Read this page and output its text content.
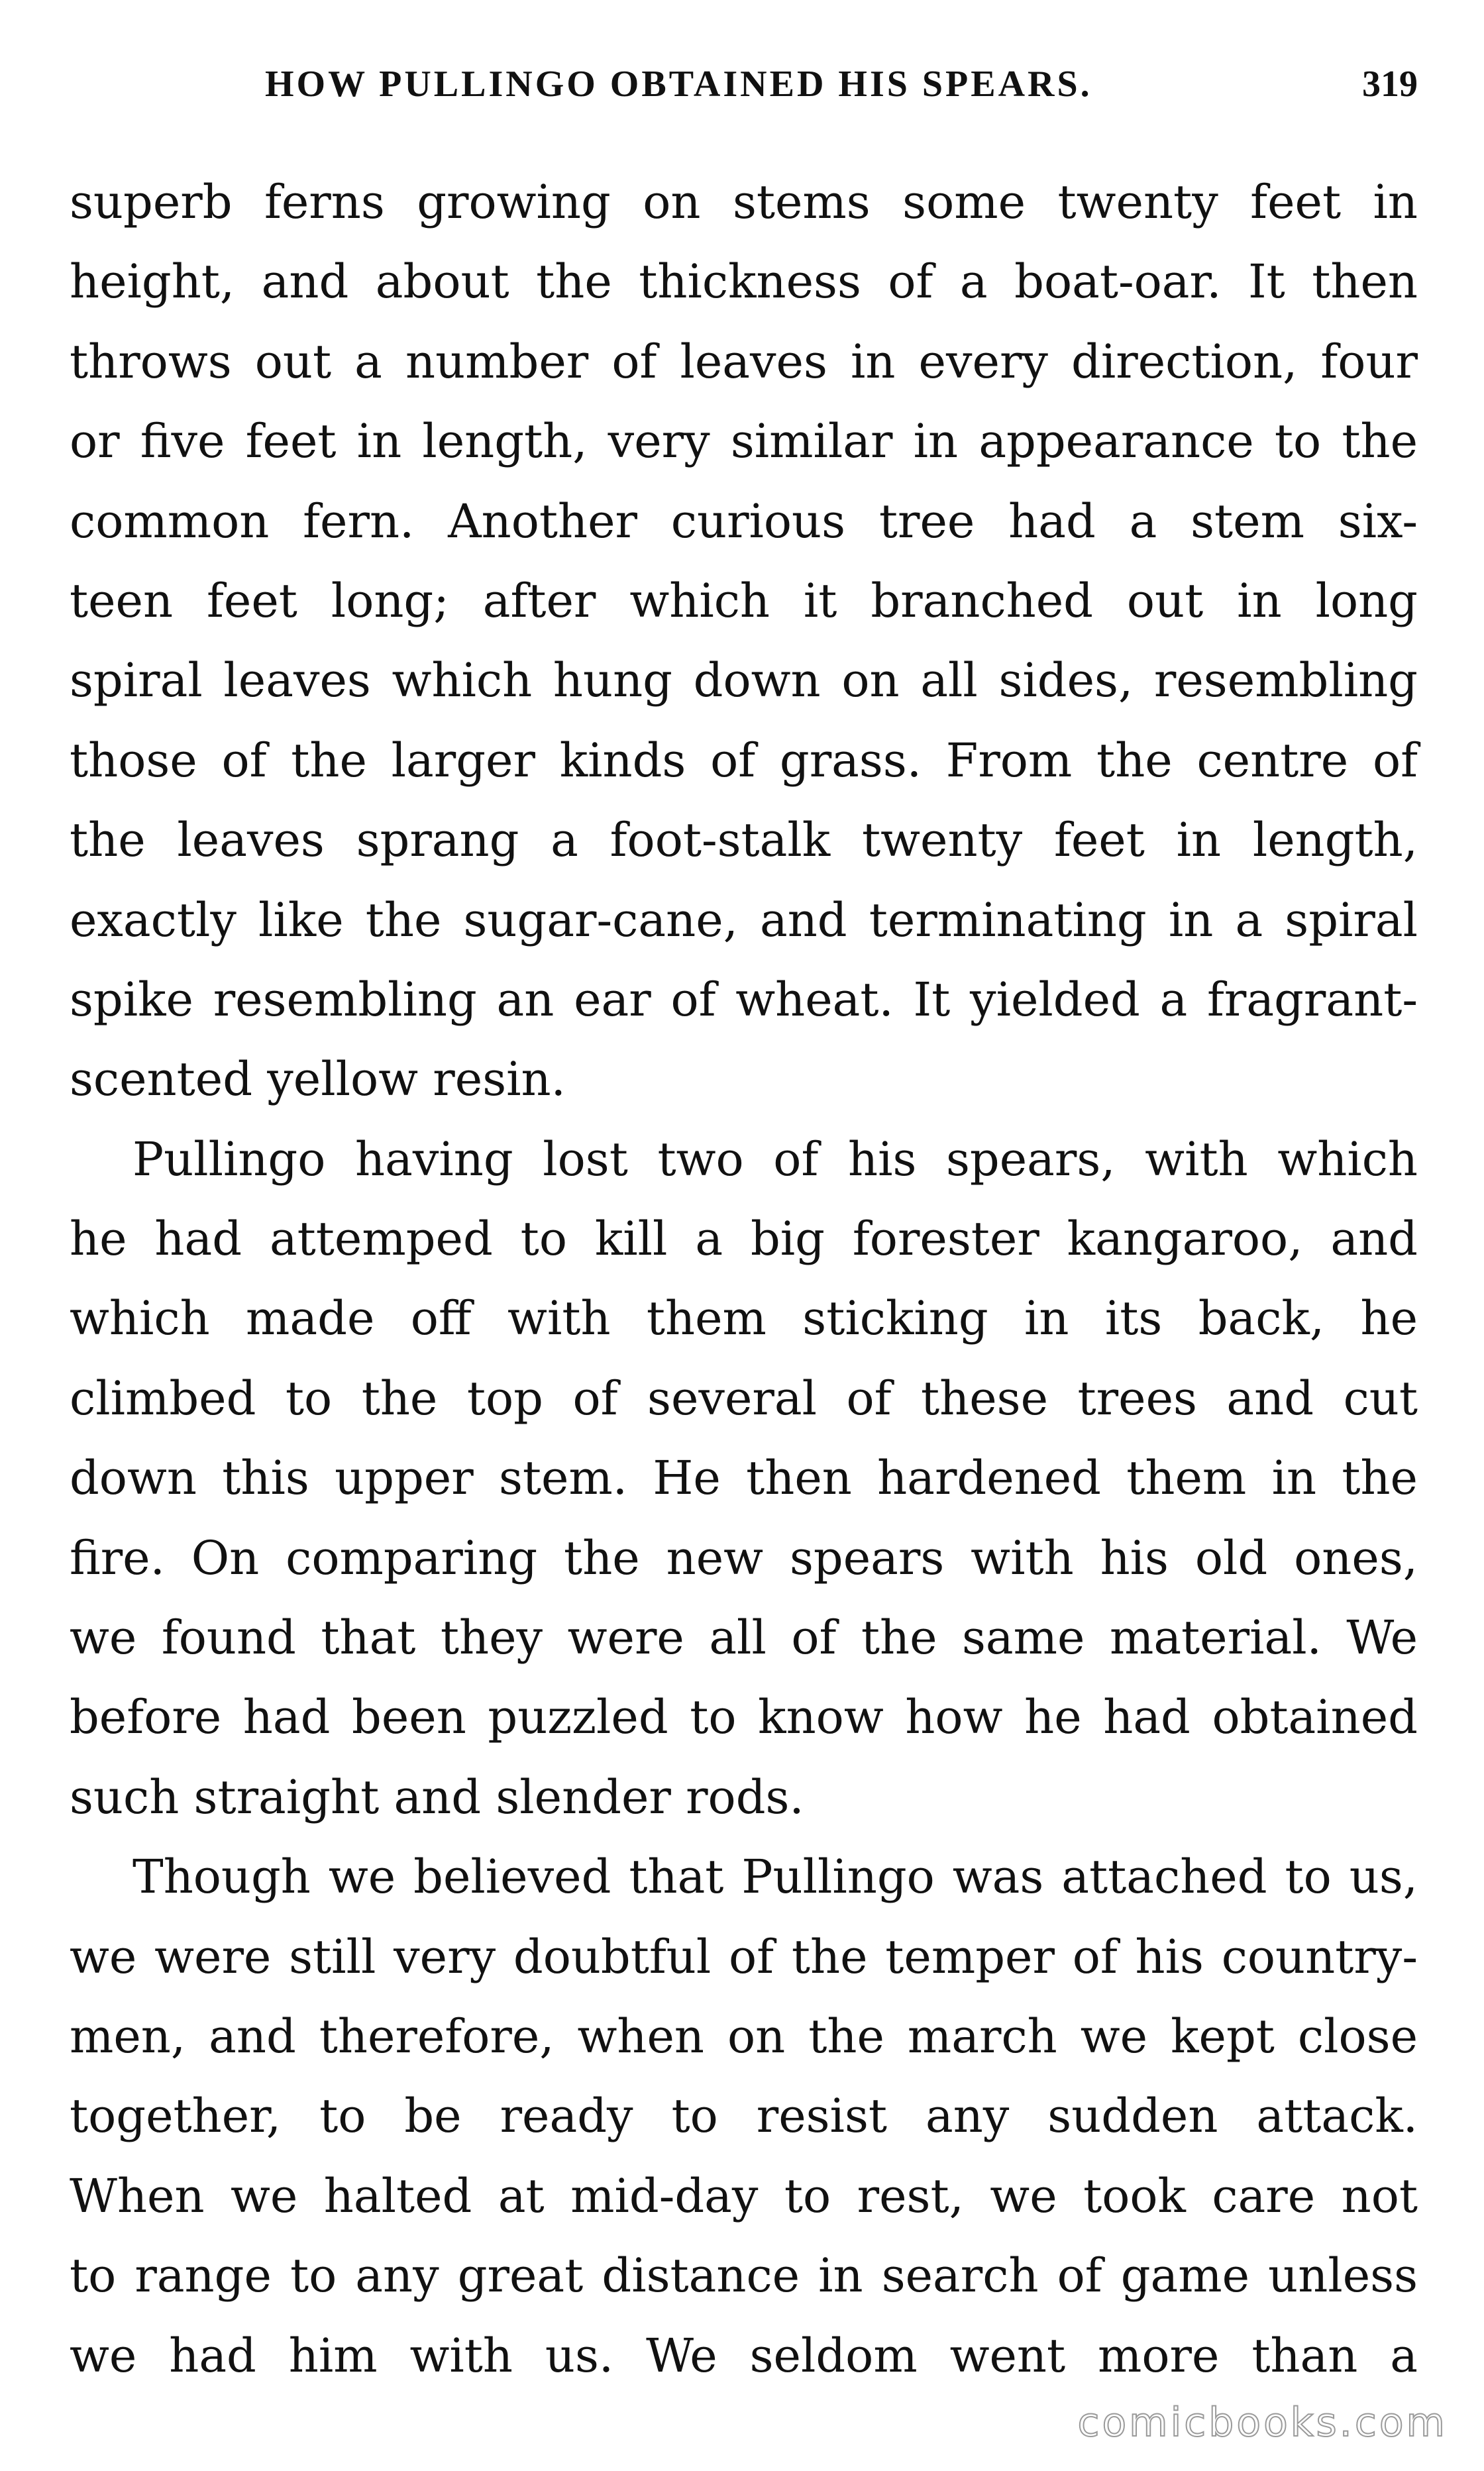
HOW PULLINGO OBTAINED HIS SPEARS.	319
superb ferns growing on stems some twenty feet in
height, and about the thickness of a boat-oar. It then
throws out a number of leaves in every direction, four
or five feet in length, very similar in appearance to the
common fern. Another curious tree had a stem six-
teen feet long; after which it branched out in long
spiral leaves which hung down on all sides, resembling
those of the larger kinds of grass. From the centre of
the leaves sprang a foot-stalk twenty feet in length,
exactly like the sugar-cane, and terminating in a spiral
spike resembling an ear of wheat. It yielded a fragrant-
scented yellow resin.
Pullingo having lost two of his spears, with which
he had attemped to kill a big forester kangaroo, and
which made off with them sticking in its back, he
climbed to the top of several of these trees and cut
down this upper stem. He then hardened them in the
fire. On comparing the new spears with his old ones,
we found that they were all of the same material. We
before had been puzzled to know how he had obtained
such straight and slender rods.
Though we believed that Pullingo was attached to us,
we were still very doubtful of the temper of his country-
men, and therefore, when on the march we kept close
together, to be ready to resist any sudden attack.
When we halted at mid-day to rest, we took care not
to range to any great distance in search of game unless
we had him with us. We seldom went more than a
comicbooks.com
